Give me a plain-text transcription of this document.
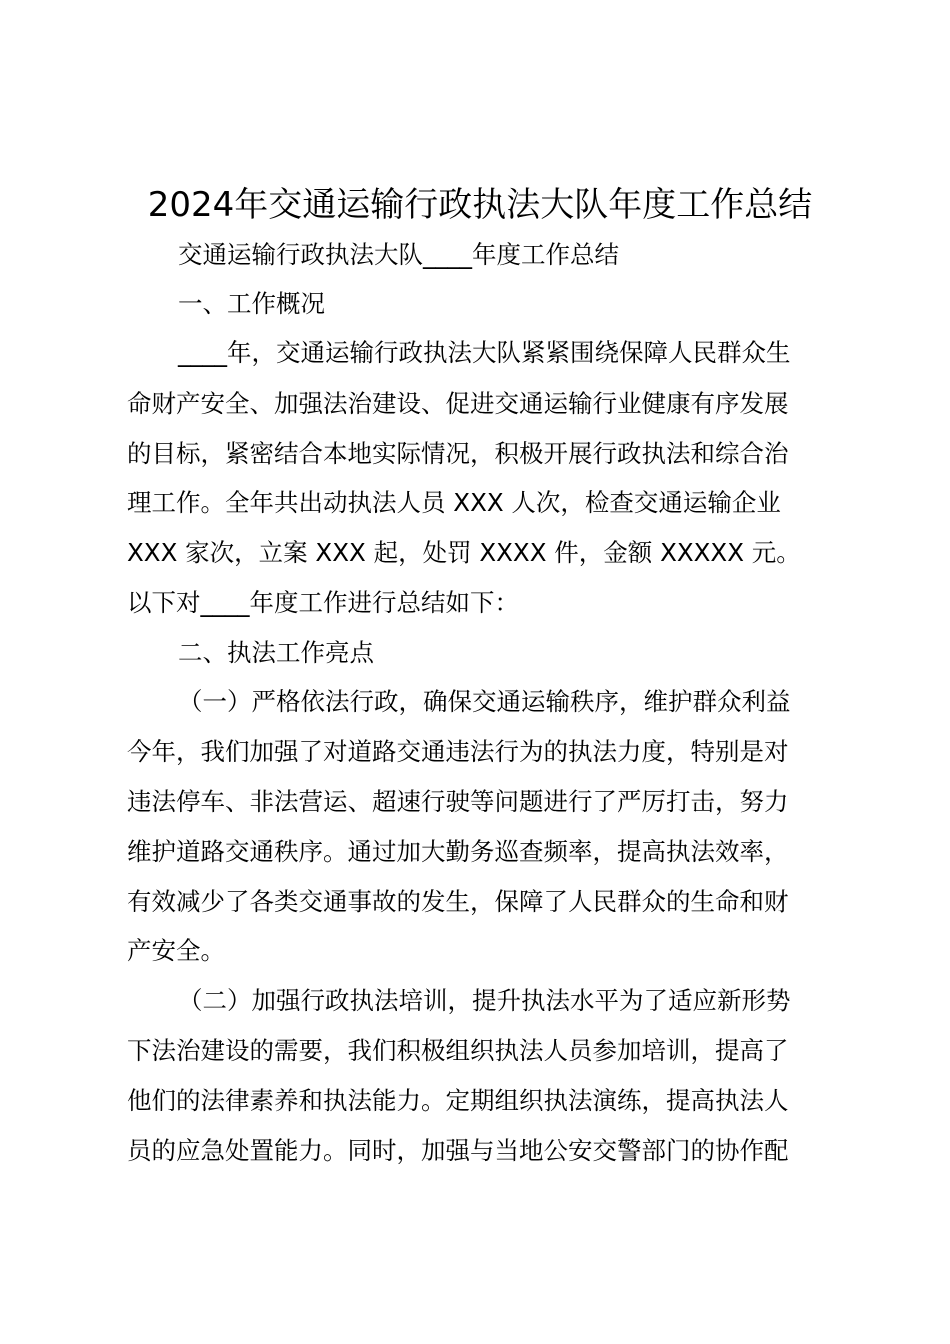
2024年交通运输行政执法大队年度工作总结
交通运输行政执法大队____年度工作总结
一、工作概况
____年，交通运输行政执法大队紧紧围绕保障人民群众生
命财产安全、加强法治建设、促进交通运输行业健康有序发展
的目标，紧密结合本地实际情况，积极开展行政执法和综合治
理工作。全年共出动执法人员 XXX 人次，检查交通运输企业
XXX 家次，立案 XXX 起，处罚 XXXX 件，金额 XXXXX 元。
以下对____年度工作进行总结如下：
二、执法工作亮点
（一）严格依法行政，确保交通运输秩序，维护群众利益
今年，我们加强了对道路交通违法行为的执法力度，特别是对
违法停车、非法营运、超速行驶等问题进行了严厉打击，努力
维护道路交通秩序。通过加大勤务巡查频率，提高执法效率，
有效减少了各类交通事故的发生，保障了人民群众的生命和财
产安全。
（二）加强行政执法培训，提升执法水平为了适应新形势
下法治建设的需要，我们积极组织执法人员参加培训，提高了
他们的法律素养和执法能力。定期组织执法演练，提高执法人
员的应急处置能力。同时，加强与当地公安交警部门的协作配
